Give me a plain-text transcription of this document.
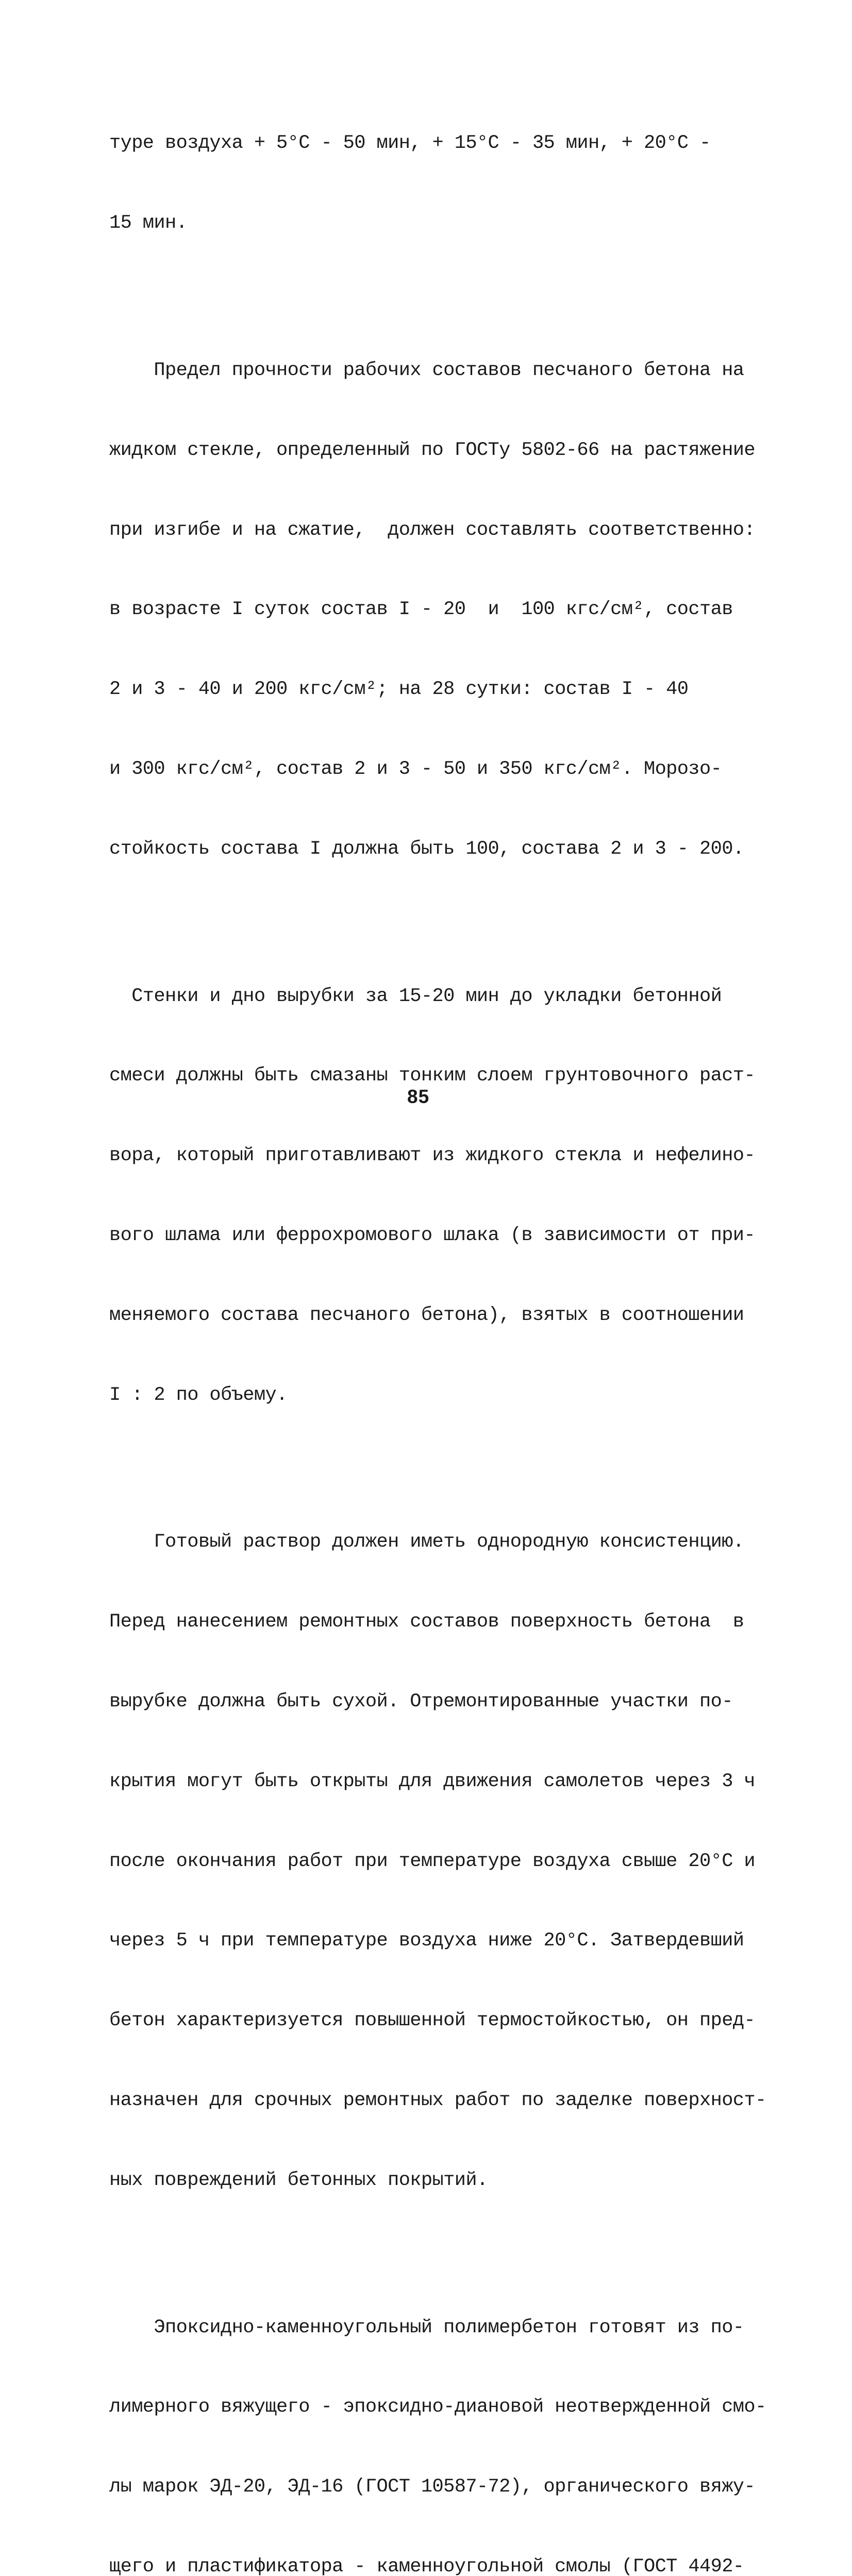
туре воздуха + 5°С - 50 мин, + 15°С - 35 мин, + 20°С -

15 мин.

Предел прочности рабочих составов песчаного бетона на

жидком стекле, определенный по ГОСТу 5802-66 на растяжение

при изгибе и на сжатие,  должен составлять соответственно:

в возрасте I суток состав I - 20  и  100 кгс/см², состав

2 и 3 - 40 и 200 кгс/см²; на 28 сутки: состав I - 40

и 300 кгс/см², состав 2 и 3 - 50 и 350 кгс/см². Морозо-

стойкость состава I должна быть 100, состава 2 и 3 - 200.

Стенки и дно вырубки за 15-20 мин до укладки бетонной

смеси должны быть смазаны тонким слоем грунтовочного раст-

вора, который приготавливают из жидкого стекла и нефелино-

вого шлама или феррохромового шлака (в зависимости от при-

меняемого состава песчаного бетона), взятых в соотношении

I : 2 по объему.

Готовый раствор должен иметь однородную консистенцию.

Перед нанесением ремонтных составов поверхность бетона  в

вырубке должна быть сухой. Отремонтированные участки по-

крытия могут быть открыты для движения самолетов через 3 ч

после окончания работ при температуре воздуха свыше 20°С и

через 5 ч при температуре воздуха ниже 20°С. Затвердевший

бетон характеризуется повышенной термостойкостью, он пред-

назначен для срочных ремонтных работ по заделке поверхност-

ных повреждений бетонных покрытий.

Эпоксидно-каменноугольный полимербетон готовят из по-

лимерного вяжущего - эпоксидно-диановой неотвержденной смо-

лы марок ЭД-20, ЭД-16 (ГОСТ 10587-72), органического вяжу-

щего и пластификатора - каменноугольной смолы (ГОСТ 4492-

85
